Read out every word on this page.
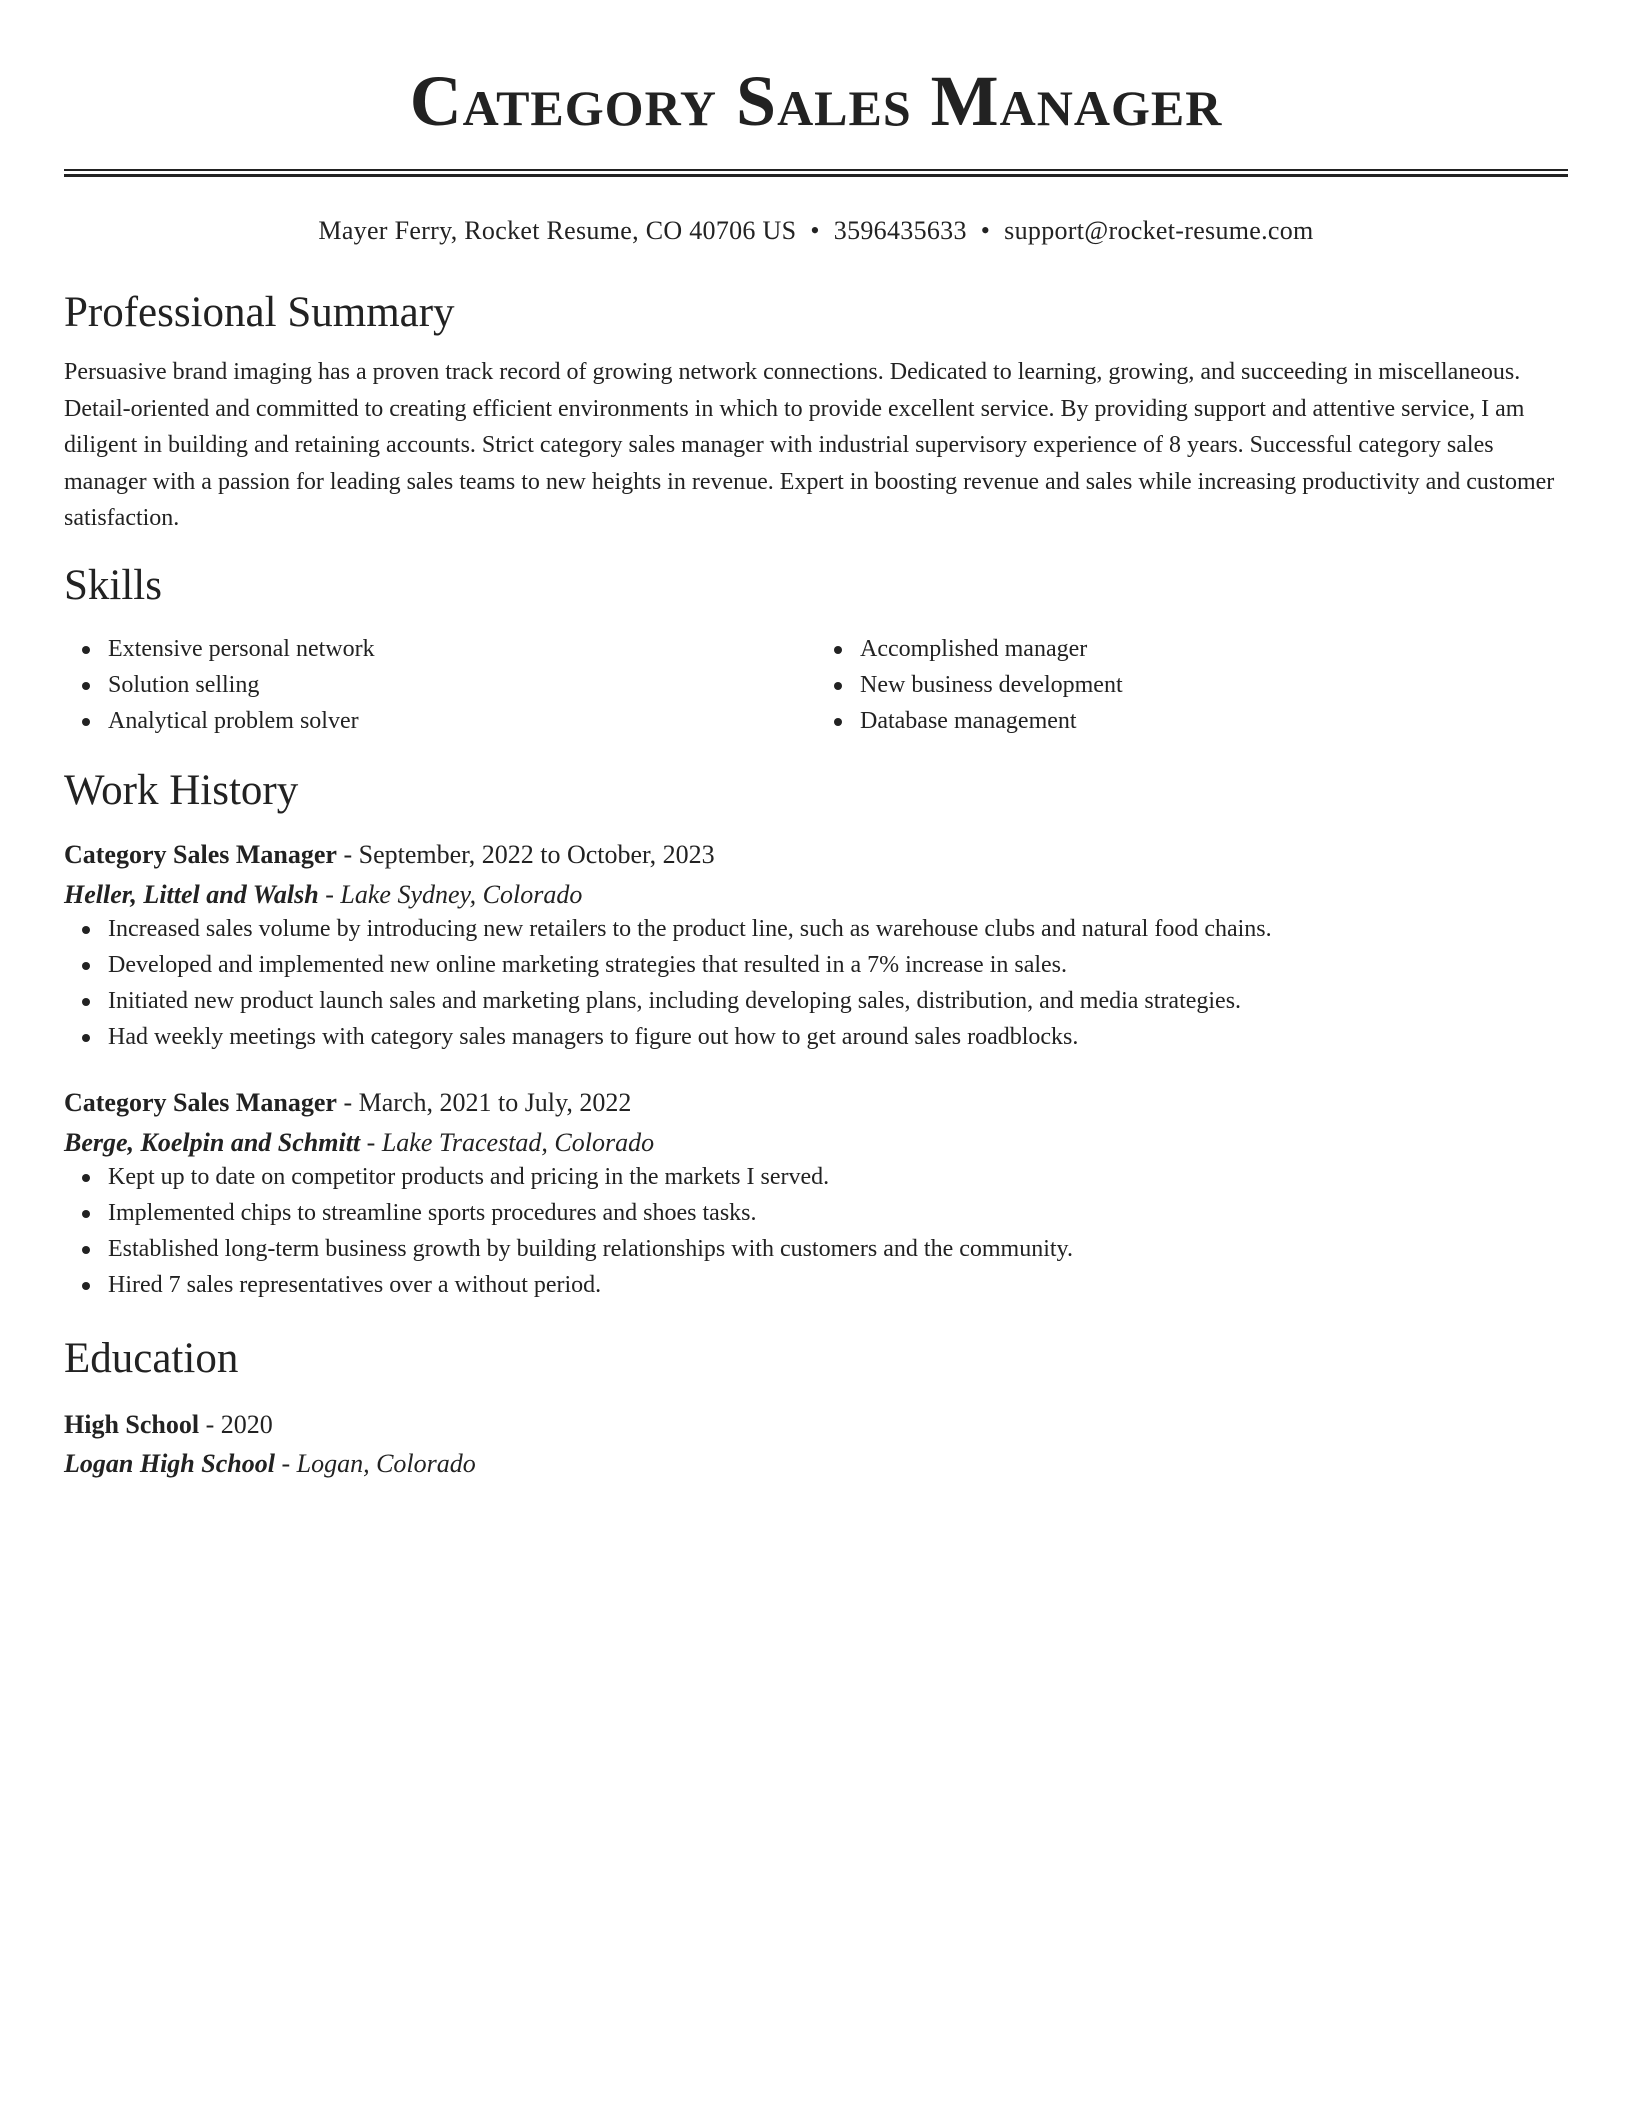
Category Sales Manager
Mayer Ferry, Rocket Resume, CO 40706 US • 3596435633 • support@rocket-resume.com
Professional Summary

Persuasive brand imaging has a proven track record of growing network connections. Dedicated to learning, growing, and succeeding in miscellaneous. Detail-oriented and committed to creating efficient environments in which to provide excellent service. By providing support and attentive service, I am diligent in building and retaining accounts. Strict category sales manager with industrial supervisory experience of 8 years. Successful category sales manager with a passion for leading sales teams to new heights in revenue. Expert in boosting revenue and sales while increasing productivity and customer satisfaction.

Skills
Extensive personal network
Solution selling
Analytical problem solver
Accomplished manager
New business development
Database management
Work History
Category Sales Manager - September, 2022 to October, 2023
Heller, Littel and Walsh - Lake Sydney, Colorado
Increased sales volume by introducing new retailers to the product line, such as warehouse clubs and natural food chains.
Developed and implemented new online marketing strategies that resulted in a 7% increase in sales.
Initiated new product launch sales and marketing plans, including developing sales, distribution, and media strategies.
Had weekly meetings with category sales managers to figure out how to get around sales roadblocks.
Category Sales Manager - March, 2021 to July, 2022
Berge, Koelpin and Schmitt - Lake Tracestad, Colorado
Kept up to date on competitor products and pricing in the markets I served.
Implemented chips to streamline sports procedures and shoes tasks.
Established long-term business growth by building relationships with customers and the community.
Hired 7 sales representatives over a without period.
Education
High School - 2020
Logan High School - Logan, Colorado
